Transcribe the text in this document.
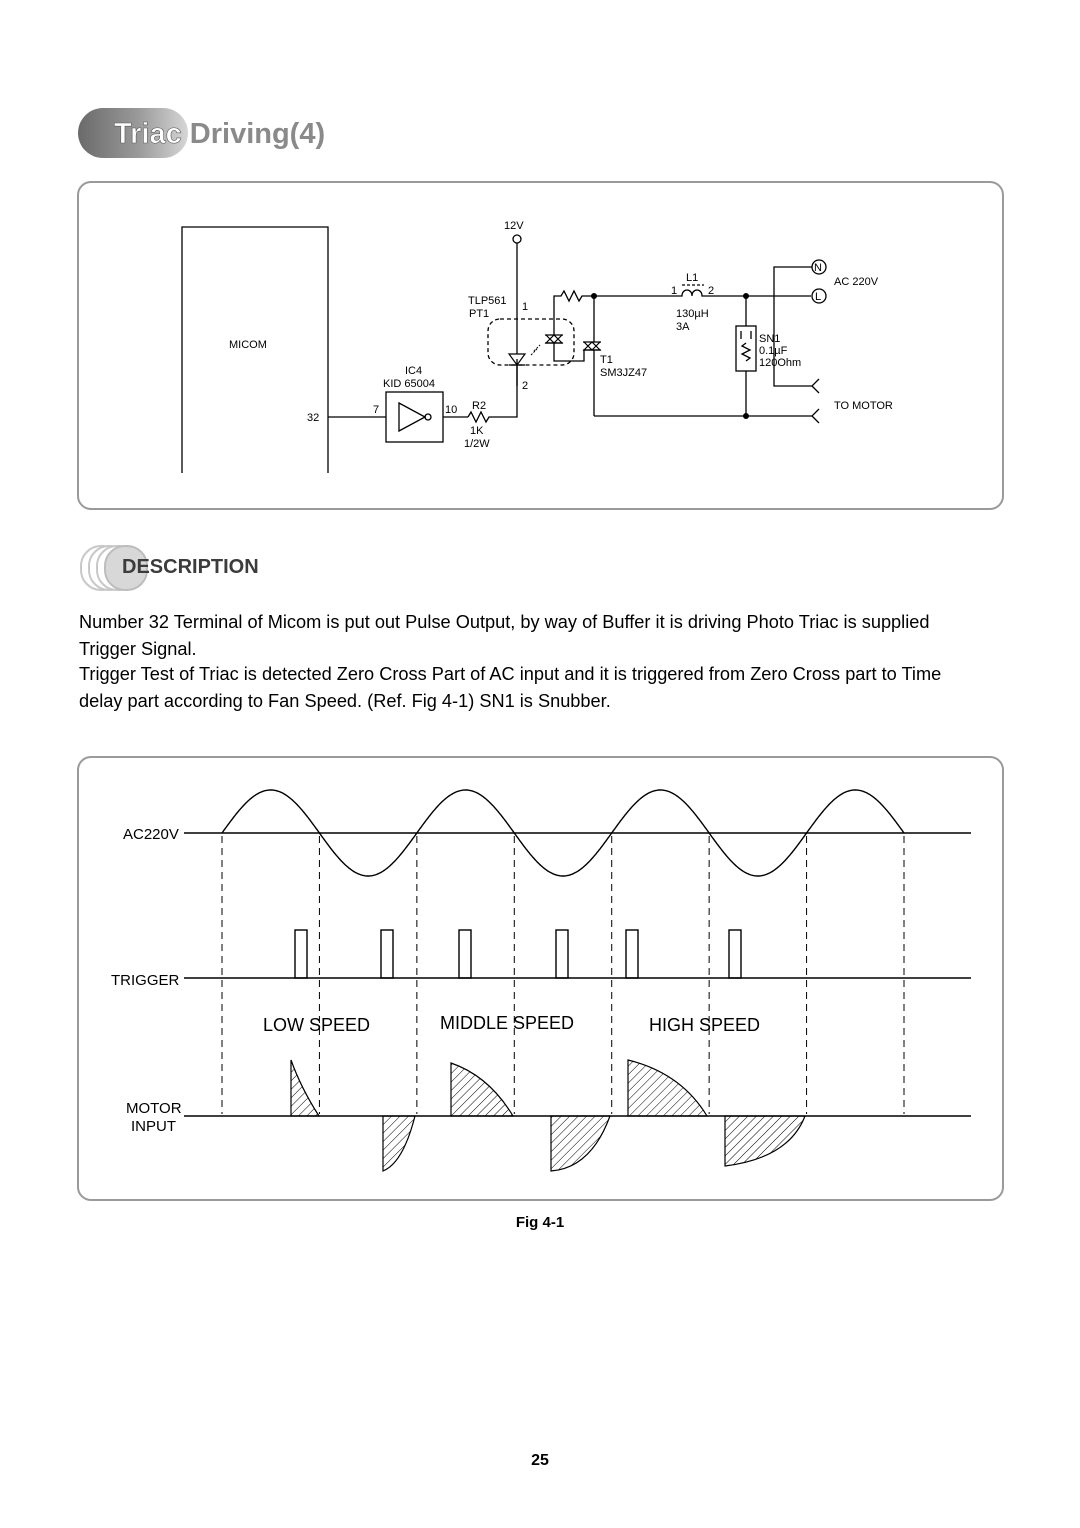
Triac Driving(4)
MICOM
32
IC4
KID 65004
7	10 R2
1K
1/2W
12V
TLP561
PT1
1
2
T1
SM3JZ47
L1
1	2
130µH
3A
SN1
0.1µF
120Ohm
N
L
AC 220V
TO MOTOR
DESCRIPTION
Number 32 Terminal of Micom is put out Pulse Output, by way of Buffer it is driving Photo Triac is supplied Trigger Signal.
Trigger Test of Triac is detected Zero Cross Part of AC input and it is triggered from Zero Cross part to Time delay part according to Fan Speed. (Ref. Fig 4-1) SN1 is Snubber.
AC220V
TRIGGER
MOTOR
INPUT
LOW SPEED	MIDDLE SPEED	HIGH SPEED
Fig 4-1
25
